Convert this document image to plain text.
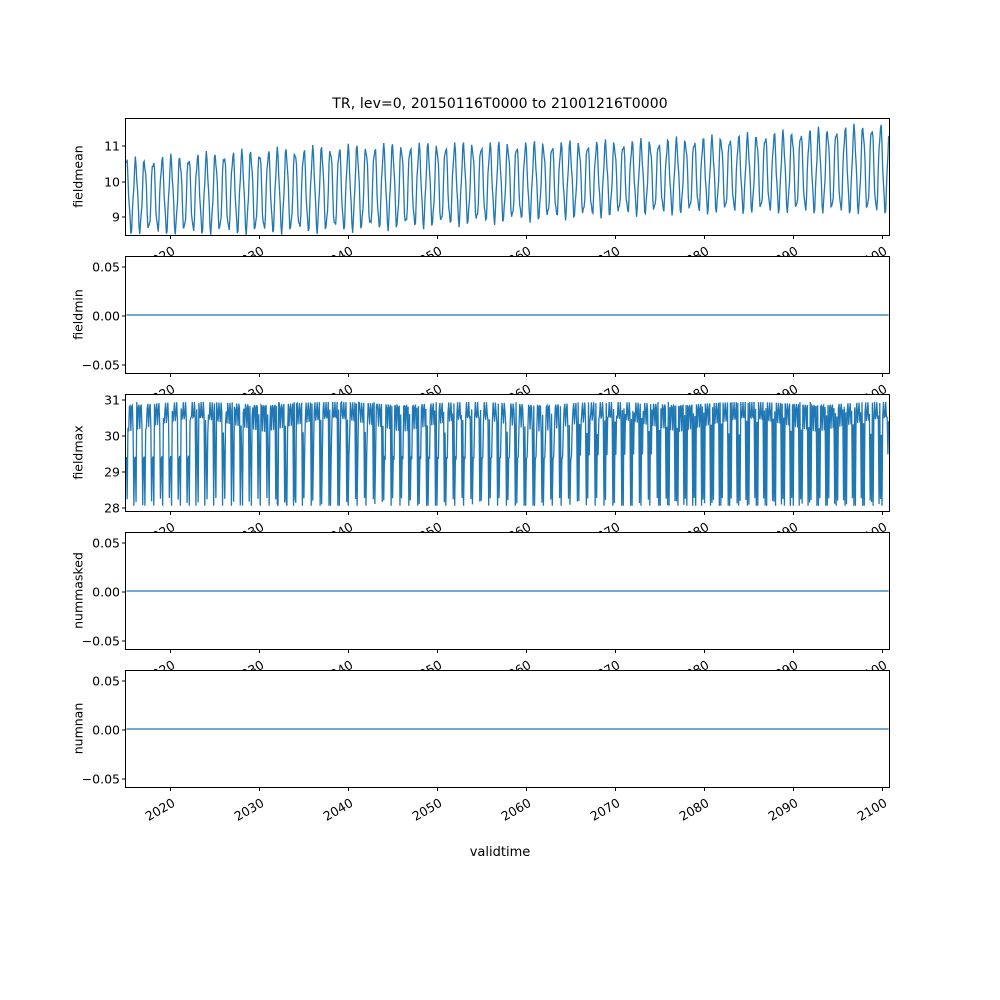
TR, lev=0, 20150116T0000 to 21001216T0000
fieldmean
9
10
11
fieldmin
−0.05
0.00
0.05
fieldmax
28
29
30
31
nummasked
−0.05
0.00
0.05
numnan
−0.05
0.00
0.05
2020	2030	2040	2050	2060	2070	2080	2090	2100
validtime
